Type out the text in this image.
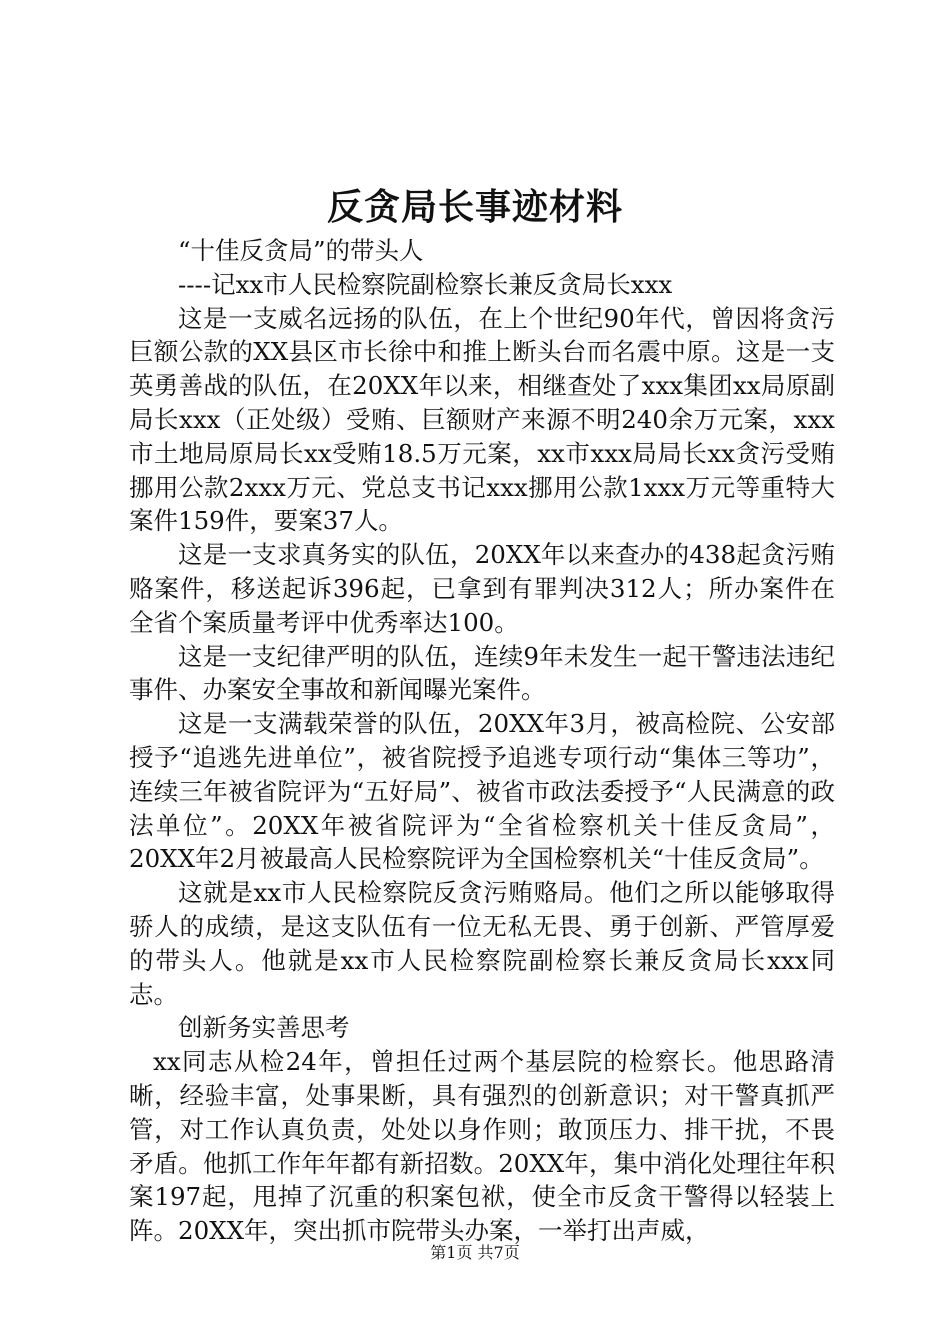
反贪局长事迹材料

“十佳反贪局”的带头人

----记xx市人民检察院副检察长兼反贪局长xxx

这是一支威名远扬的队伍，在上个世纪90年代，曾因将贪污巨额公款的XX县区市长徐中和推上断头台而名震中原。这是一支英勇善战的队伍，在20XX年以来，相继查处了xxx集团xx局原副局长xxx（正处级）受贿、巨额财产来源不明240余万元案，xxx市土地局原局长xx受贿18.5万元案，xx市xxx局局长xx贪污受贿挪用公款2xxx万元、党总支书记xxx挪用公款1xxx万元等重特大案件159件，要案37人。

这是一支求真务实的队伍，20XX年以来查办的438起贪污贿赂案件，移送起诉396起，已拿到有罪判决312人；所办案件在全省个案质量考评中优秀率达100。

这是一支纪律严明的队伍，连续9年未发生一起干警违法违纪事件、办案安全事故和新闻曝光案件。

这是一支满载荣誉的队伍，20XX年3月，被高检院、公安部授予“追逃先进单位”，被省院授予追逃专项行动“集体三等功”，连续三年被省院评为“五好局”、被省市政法委授予“人民满意的政法单位”。20XX年被省院评为“全省检察机关十佳反贪局”，20XX年2月被最高人民检察院评为全国检察机关“十佳反贪局”。

这就是xx市人民检察院反贪污贿赂局。他们之所以能够取得骄人的成绩，是这支队伍有一位无私无畏、勇于创新、严管厚爱的带头人。他就是xx市人民检察院副检察长兼反贪局长xxx同志。

创新务实善思考

xx同志从检24年，曾担任过两个基层院的检察长。他思路清晰，经验丰富，处事果断，具有强烈的创新意识；对干警真抓严管，对工作认真负责，处处以身作则；敢顶压力、排干扰，不畏矛盾。他抓工作年年都有新招数。20XX年，集中消化处理往年积案197起，甩掉了沉重的积案包袱，使全市反贪干警得以轻装上阵。20XX年，突出抓市院带头办案，一举打出声威，

第1页 共7页
